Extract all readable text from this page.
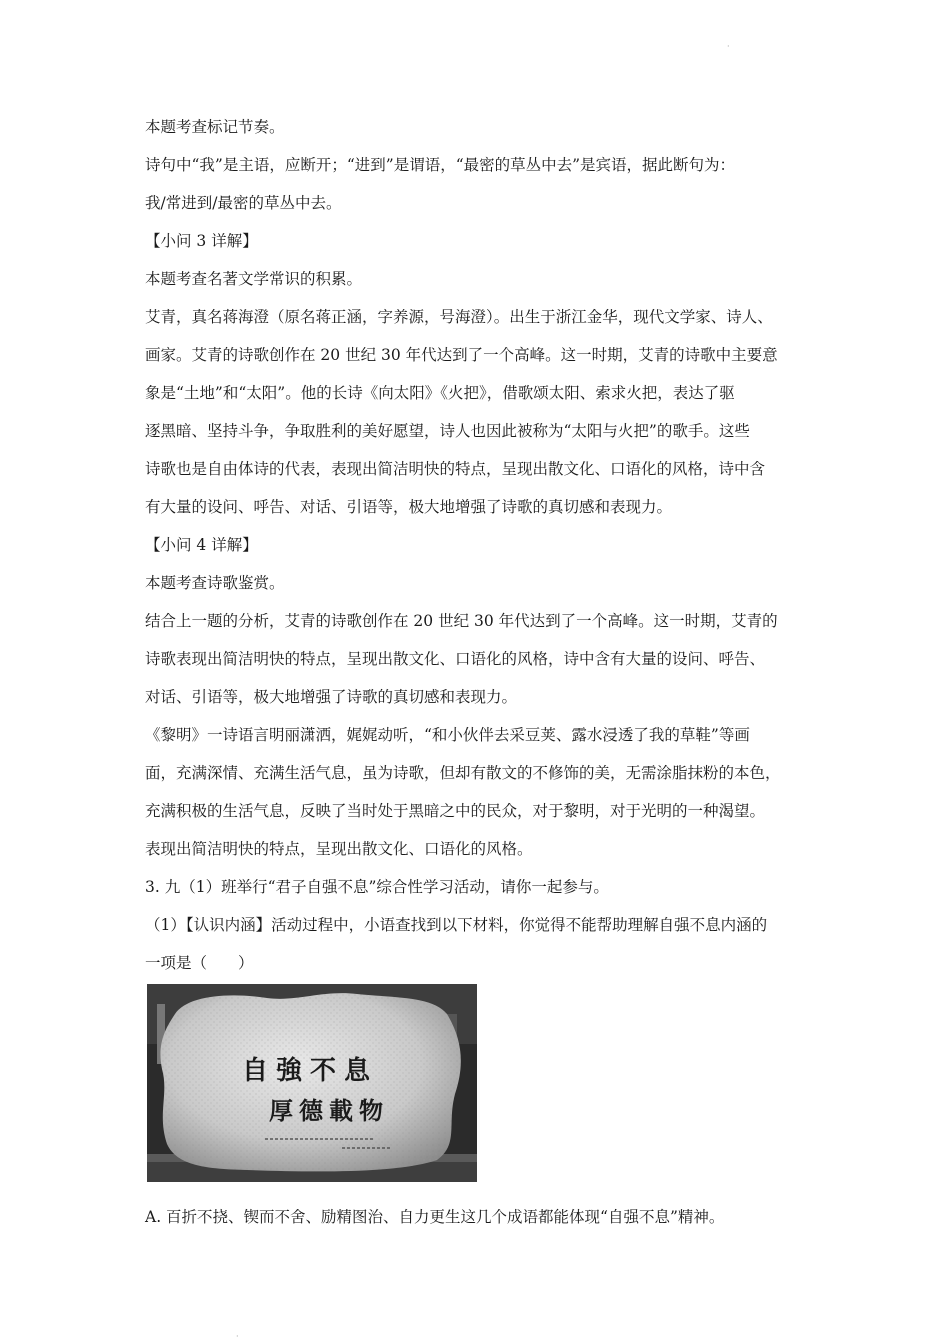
本题考查标记节奏。

诗句中“我”是主语，应断开；“进到”是谓语，“最密的草丛中去”是宾语，据此断句为：

我/常进到/最密的草丛中去。

【小问 3 详解】

本题考查名著文学常识的积累。

艾青，真名蒋海澄（原名蒋正涵，字养源，号海澄）。出生于浙江金华，现代文学家、诗人、

画家。艾青的诗歌创作在 20 世纪 30 年代达到了一个高峰。这一时期，艾青的诗歌中主要意

象是“土地”和“太阳”。他的长诗《向太阳》《火把》，借歌颂太阳、索求火把，表达了驱

逐黑暗、坚持斗争，争取胜利的美好愿望，诗人也因此被称为“太阳与火把”的歌手。这些

诗歌也是自由体诗的代表，表现出简洁明快的特点，呈现出散文化、口语化的风格，诗中含

有大量的设问、呼告、对话、引语等，极大地增强了诗歌的真切感和表现力。

【小问 4 详解】

本题考查诗歌鉴赏。

结合上一题的分析，艾青的诗歌创作在 20 世纪 30 年代达到了一个高峰。这一时期，艾青的

诗歌表现出简洁明快的特点，呈现出散文化、口语化的风格，诗中含有大量的设问、呼告、

对话、引语等，极大地增强了诗歌的真切感和表现力。

《黎明》一诗语言明丽潇洒，娓娓动听，“和小伙伴去采豆荚、露水浸透了我的草鞋”等画

面，充满深情、充满生活气息，虽为诗歌，但却有散文的不修饰的美，无需涂脂抹粉的本色，

充满积极的生活气息，反映了当时处于黑暗之中的民众，对于黎明，对于光明的一种渴望。

表现出简洁明快的特点，呈现出散文化、口语化的风格。

3. 九（1）班举行“君子自强不息”综合性学习活动，请你一起参与。

（1）【认识内涵】活动过程中，小语查找到以下材料，你觉得不能帮助理解自强不息内涵的

一项是（　　）

自強不息
厚德載物
A. 百折不挠、锲而不舍、励精图治、自力更生这几个成语都能体现“自强不息”精神。
·
·
